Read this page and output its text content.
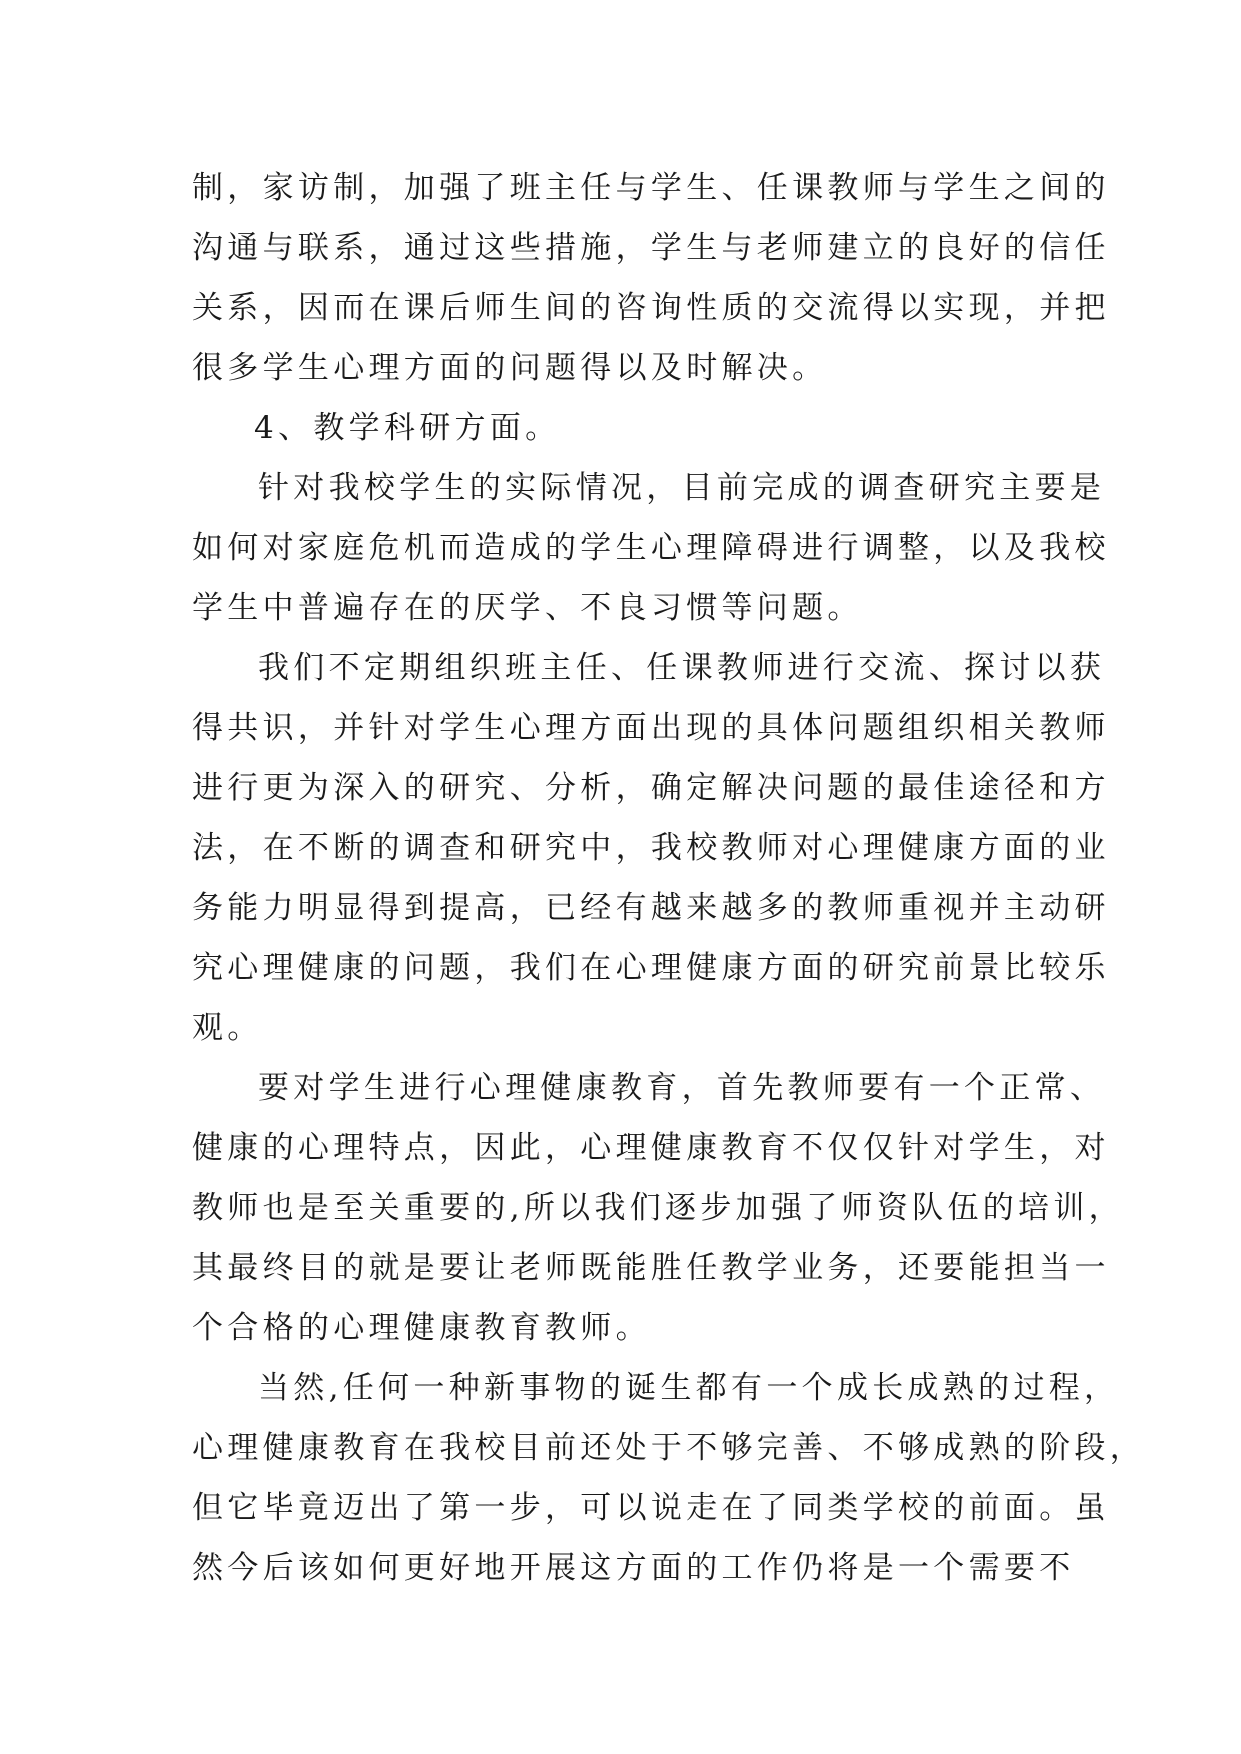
制，家访制，加强了班主任与学生、任课教师与学生之间的
沟通与联系，通过这些措施，学生与老师建立的良好的信任
关系，因而在课后师生间的咨询性质的交流得以实现，并把
很多学生心理方面的问题得以及时解决。
4、教学科研方面。
针对我校学生的实际情况，目前完成的调查研究主要是
如何对家庭危机而造成的学生心理障碍进行调整，以及我校
学生中普遍存在的厌学、不良习惯等问题。
我们不定期组织班主任、任课教师进行交流、探讨以获
得共识，并针对学生心理方面出现的具体问题组织相关教师
进行更为深入的研究、分析，确定解决问题的最佳途径和方
法，在不断的调查和研究中，我校教师对心理健康方面的业
务能力明显得到提高，已经有越来越多的教师重视并主动研
究心理健康的问题，我们在心理健康方面的研究前景比较乐
观。
要对学生进行心理健康教育，首先教师要有一个正常、
健康的心理特点，因此，心理健康教育不仅仅针对学生，对
教师也是至关重要的,所以我们逐步加强了师资队伍的培训，
其最终目的就是要让老师既能胜任教学业务，还要能担当一
个合格的心理健康教育教师。
当然,任何一种新事物的诞生都有一个成长成熟的过程，
心理健康教育在我校目前还处于不够完善、不够成熟的阶段，
但它毕竟迈出了第一步，可以说走在了同类学校的前面。虽
然今后该如何更好地开展这方面的工作仍将是一个需要不
